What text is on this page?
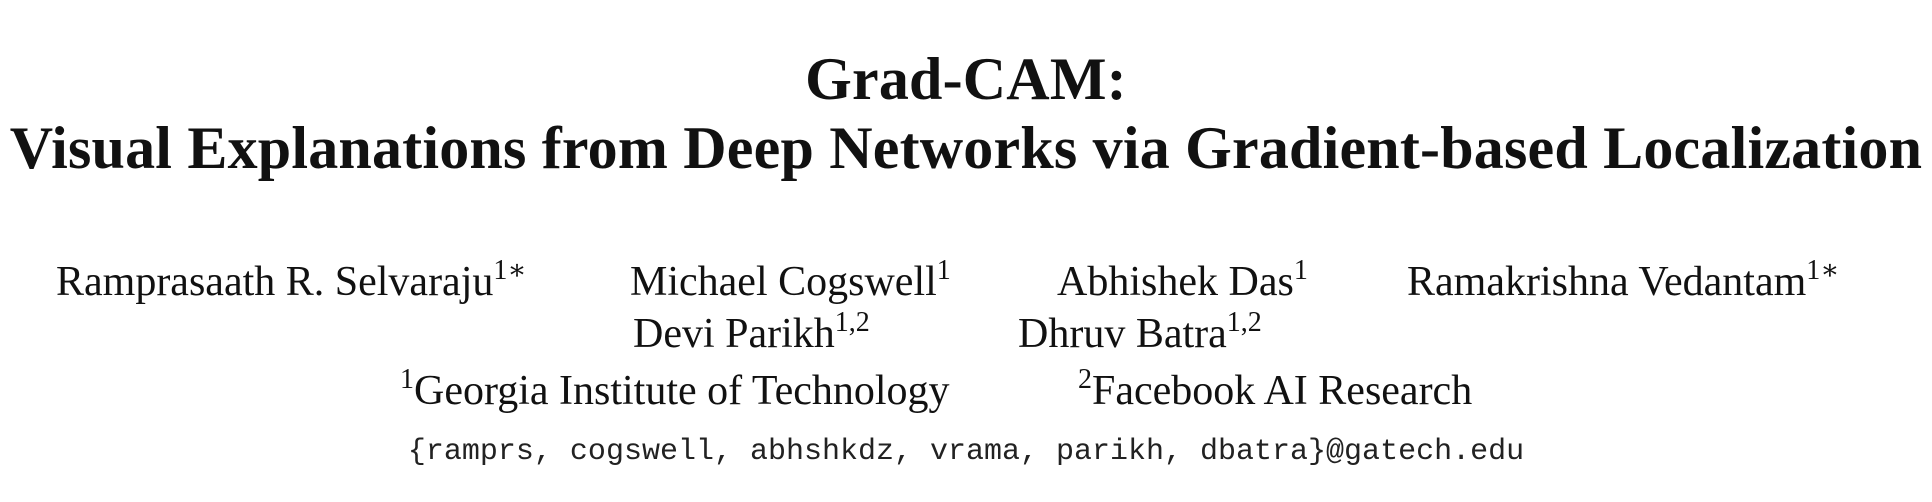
Grad-CAM:
Visual Explanations from Deep Networks via Gradient-based Localization
Ramprasaath R. Selvaraju$^{1∗}$ Michael Cogswell$^1$	Abhishek Das$^1$ Ramakrishna Vedantam$^{1∗}$
Devi Parikh$^{1,2}$	Dhruv Batra$^{1,2}$
$^1$Georgia Institute of Technology	$^2$Facebook AI Research
{ramprs, cogswell, abhshkdz, vrama, parikh, dbatra}@gatech.edu
